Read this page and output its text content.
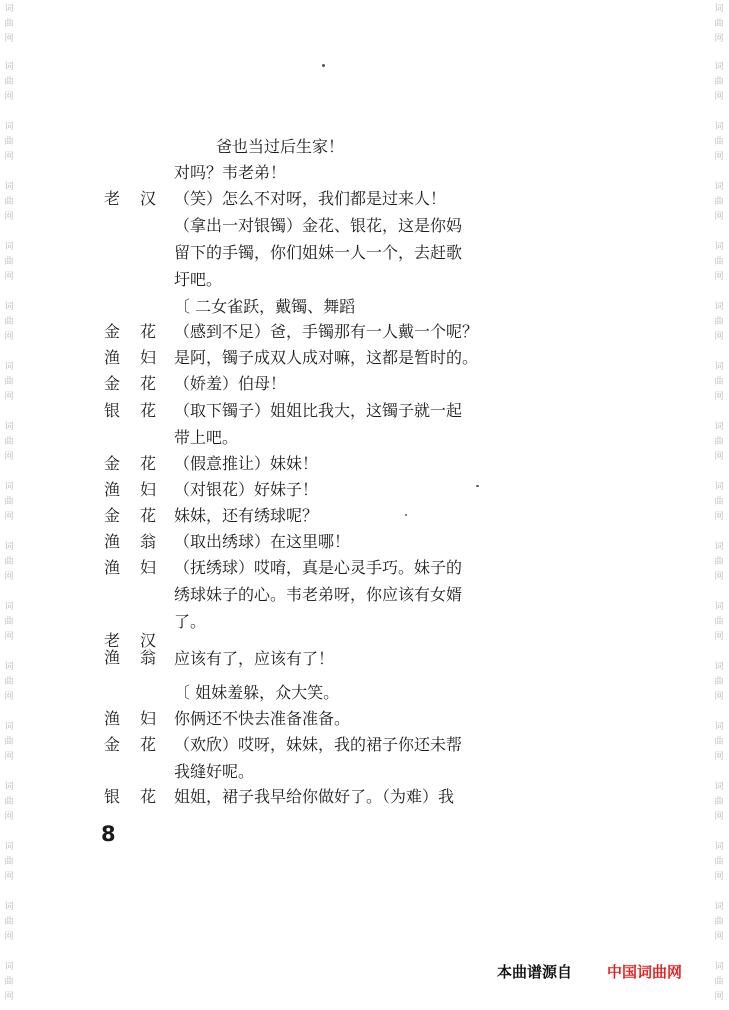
词
曲
网
词
曲
网
词
曲
网
词
曲
网
词
曲
网
词
曲
网
词
曲
网
词
曲
网
词
曲
网
词
曲
网
词
曲
网
词
曲
网
词
曲
网
词
曲
网
词
曲
网
词
曲
网
词
曲
网
词
曲
网
词
曲
网
词
曲
网
词
曲
网
词
曲
网
词
曲
网
词
曲
网
词
曲
网
词
曲
网
词
曲
网
词
曲
网
词
曲
网
词
曲
网
词
曲
网
词
曲
网
词
曲
网
词
曲
网
爸也当过后生家！
对吗？韦老弟！
老汉
（笑）怎么不对呀，我们都是过来人！
（拿出一对银镯）金花、银花，这是你妈
留下的手镯，你们姐妹一人一个，去赶歌
圩吧。
〔 二女雀跃，戴镯、舞蹈
金花
（感到不足）爸，手镯那有一人戴一个呢？
渔妇
是阿，镯子成双人成对嘛，这都是暂时的。
金花
（娇羞）伯母！
银花
（取下镯子）姐姐比我大，这镯子就一起
带上吧。
金花
（假意推让）妹妹！
渔妇
（对银花）好妹子！
金花
妹妹，还有绣球呢？
渔翁
（取出绣球）在这里哪！
渔妇
（抚绣球）哎唷，真是心灵手巧。妹子的
绣球妹子的心。韦老弟呀，你应该有女婿
了。
老汉
渔翁
应该有了，应该有了！
〔 姐妹羞躲，众大笑。
渔妇
你俩还不快去准备准备。
金花
（欢欣）哎呀，妹妹，我的裙子你还未帮
我缝好呢。
银花
姐姐，裙子我早给你做好了。（为难）我
8
本曲谱源自 中国词曲网
